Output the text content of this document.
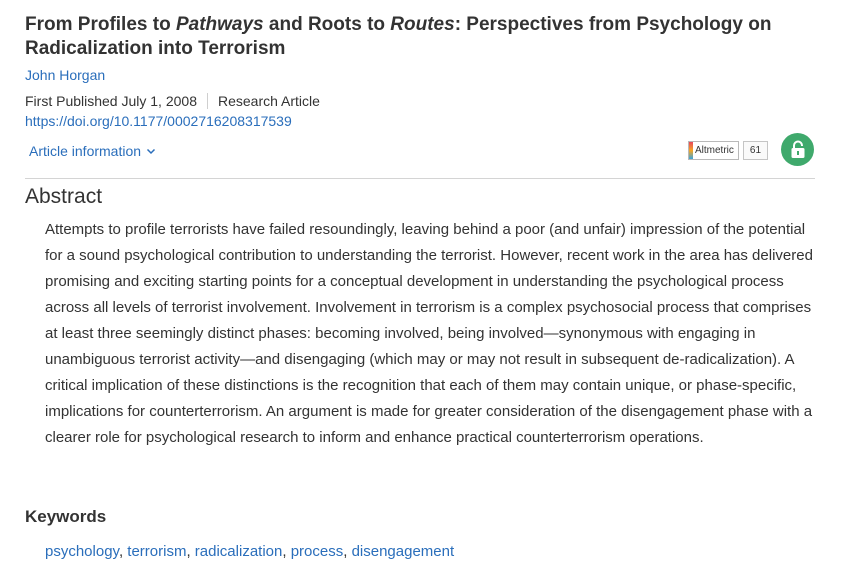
From Profiles to Pathways and Roots to Routes: Perspectives from Psychology on Radicalization into Terrorism
John Horgan
First Published July 1, 2008 Research Article
https://doi.org/10.1177/0002716208317539
Article information	Altmetric	61
Abstract

Attempts to profile terrorists have failed resoundingly, leaving behind a poor (and unfair) impression of the potential for a sound psychological contribution to understanding the terrorist. However, recent work in the area has delivered promising and exciting starting points for a conceptual development in understanding the psychological process across all levels of terrorist involvement. Involvement in terrorism is a complex psychosocial process that comprises at least three seemingly distinct phases: becoming involved, being involved—synonymous with engaging in unambiguous terrorist activity—and disengaging (which may or may not result in subsequent de-radicalization). A critical implication of these distinctions is the recognition that each of them may contain unique, or phase-specific, implications for counterterrorism. An argument is made for greater consideration of the disengagement phase with a clearer role for psychological research to inform and enhance practical counterterrorism operations.

Keywords
psychology, terrorism, radicalization, process, disengagement
